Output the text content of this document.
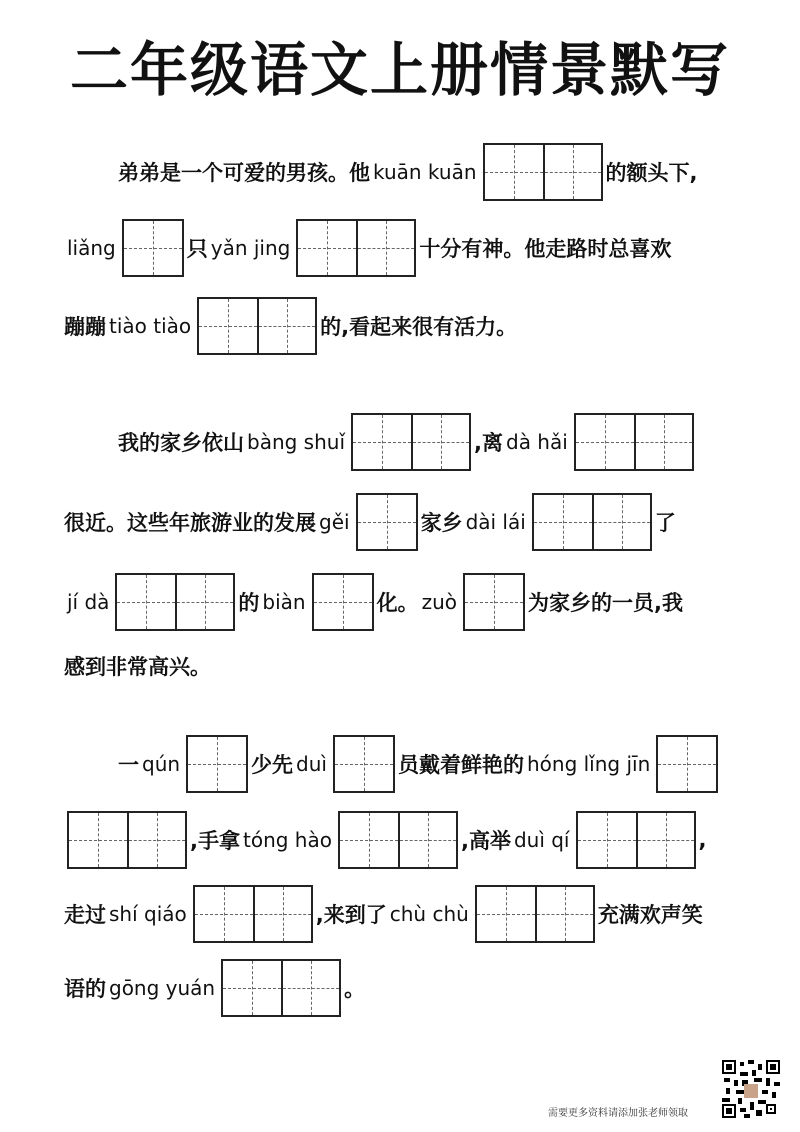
二年级语文上册情景默写
弟弟是一个可爱的男孩。他 kuān kuān	的额头下,
liǎng	只 yǎn jing	十分有神。他走路时总喜欢
蹦蹦 tiào tiào	的,看起来很有活力。
我的家乡依山 bàng shuǐ	,离 dà hǎi
很近。这些年旅游业的发展 gěi	家乡 dài lái	了
jí dà	的 biàn	化。 zuò	为家乡的一员,我
感到非常高兴。
一 qún	少先 duì	员戴着鲜艳的 hóng lǐng jīn
,手拿 tóng hào	,高举 duì qí	,
走过 shí qiáo	,来到了 chù chù	充满欢声笑
语的 gōng yuán	。
需要更多资料请添加张老师领取
